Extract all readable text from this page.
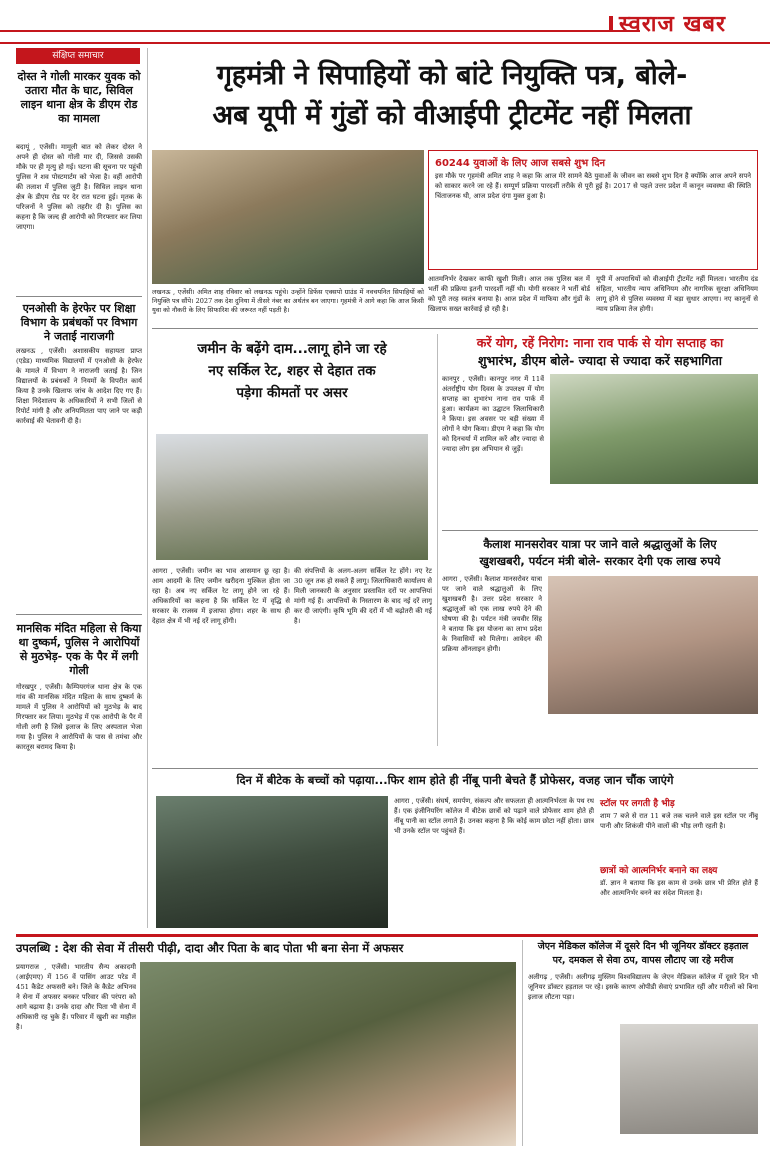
स्वराज खबर
संक्षिप्त समाचार
दोस्त ने गोली मारकर युवक को उतारा मौत के घाट, सिविल लाइन थाना क्षेत्र के डीएम रोड का मामला
बदायूं , एजेंसी। मामूली बात को लेकर दोस्त ने अपने ही दोस्त को गोली मार दी, जिससे उसकी मौके पर ही मृत्यु हो गई। घटना की सूचना पर पहुंची पुलिस ने शव पोस्टमार्टम को भेजा है। वहीं आरोपी की तलाश में पुलिस जुटी है। सिविल लाइन थाना क्षेत्र के डीएम रोड पर देर रात घटना हुई। मृतक के परिजनों ने पुलिस को तहरीर दी है। पुलिस का कहना है कि जल्द ही आरोपी को गिरफ्तार कर लिया जाएगा।
एनओसी के हेरफेर पर शिक्षा विभाग के प्रबंधकों पर विभाग ने जताई नाराजगी
लखनऊ , एजेंसी। अशासकीय सहायता प्राप्त (एडेड) माध्यमिक विद्यालयों में एनओसी के हेरफेर के मामले में विभाग ने नाराजगी जताई है। जिन विद्यालयों के प्रबंधकों ने नियमों के विपरीत कार्य किया है उनके खिलाफ जांच के आदेश दिए गए हैं। शिक्षा निदेशालय के अधिकारियों ने सभी जिलों से रिपोर्ट मांगी है और अनियमितता पाए जाने पर कड़ी कार्रवाई की चेतावनी दी है।
मानसिक मंदित महिला से किया था दुष्कर्म, पुलिस ने आरोपियों से मुठभेड़- एक के पैर में लगी गोली
गोरखपुर , एजेंसी। कैम्पियरगंज थाना क्षेत्र के एक गांव की मानसिक मंदित महिला के साथ दुष्कर्म के मामले में पुलिस ने आरोपियों को मुठभेड़ के बाद गिरफ्तार कर लिया। मुठभेड़ में एक आरोपी के पैर में गोली लगी है जिसे इलाज के लिए अस्पताल भेजा गया है। पुलिस ने आरोपियों के पास से तमंचा और कारतूस बरामद किया है।
गृहमंत्री ने सिपाहियों को बांटे नियुक्ति पत्र, बोले-
अब यूपी में गुंडों को वीआईपी ट्रीटमेंट नहीं मिलता
लखनऊ , एजेंसी। अमित शाह रविवार को लखनऊ पहुंचे। उन्होंने डिफेंस एक्सपो ग्राउंड में नवचयनित सिपाहियों को नियुक्ति पत्र सौंपे। 2027 तक देश दुनिया में तीसरे नंबर का अर्थतंत्र बन जाएगा। गृहमंत्री ने आगे कहा कि आज किसी युवा को नौकरी के लिए सिफारिश की जरूरत नहीं पड़ती है।
60244 युवाओं के लिए आज सबसे शुभ दिन
इस मौके पर गृहमंत्री अमित शाह ने कहा कि आज मेरे सामने बैठे युवाओं के जीवन का सबसे शुभ दिन है क्योंकि आज अपने सपने को साकार करने जा रहे हैं। सम्पूर्ण प्रक्रिया पारदर्शी तरीके से पूरी हुई है। 2017 से पहले उत्तर प्रदेश में कानून व्यवस्था की स्थिति चिंताजनक थी, आज प्रदेश दंगा मुक्त हुआ है।
आतमनिर्भर देखकर काफी खुशी मिली। आज तक पुलिस बल में भर्ती की प्रक्रिया इतनी पारदर्शी नहीं थी। योगी सरकार ने भर्ती बोर्ड को पूरी तरह स्वतंत्र बनाया है। आज प्रदेश में माफिया और गुंडों के खिलाफ सख्त कार्रवाई हो रही है।
यूपी में अपराधियों को वीआईपी ट्रीटमेंट नहीं मिलता। भारतीय दंड संहिता, भारतीय न्याय अधिनियम और नागरिक सुरक्षा अधिनियम लागू होने से पुलिस व्यवस्था में बड़ा सुधार आएगा। नए कानूनों से न्याय प्रक्रिया तेज होगी।
जमीन के बढ़ेंगे दाम...लागू होने जा रहे
नए सर्किल रेट, शहर से देहात तक
पड़ेगा कीमतों पर असर
आगरा , एजेंसी। जमीन का भाव आसमान छू रहा है। आम आदमी के लिए जमीन खरीदना मुश्किल होता जा रहा है। अब नए सर्किल रेट लागू होने जा रहे हैं। अधिकारियों का कहना है कि सर्किल रेट में वृद्धि से सरकार के राजस्व में इजाफा होगा। शहर के साथ ही देहात क्षेत्र में भी नई दरें लागू होंगी।
की संपत्तियों के अलग-अलग सर्किल रेट होंगे। नए रेट 30 जून तक हो सकते हैं लागू। जिलाधिकारी कार्यालय से मिली जानकारी के अनुसार प्रस्तावित दरों पर आपत्तियां मांगी गई हैं। आपत्तियों के निस्तारण के बाद नई दरें लागू कर दी जाएंगी। कृषि भूमि की दरों में भी बढ़ोतरी की गई है।
करें योग, रहें निरोग: नाना राव पार्क से योग सप्ताह का
शुभारंभ, डीएम बोले- ज्यादा से ज्यादा करें सहभागिता
कानपुर , एजेंसी। कानपुर नगर में 11वें अंतर्राष्ट्रीय योग दिवस के उपलक्ष्य में योग सप्ताह का शुभारंभ नाना राव पार्क में हुआ। कार्यक्रम का उद्घाटन जिलाधिकारी ने किया। इस अवसर पर बड़ी संख्या में लोगों ने योग किया। डीएम ने कहा कि योग को दिनचर्या में शामिल करें और ज्यादा से ज्यादा लोग इस अभियान से जुड़ें।
कैलाश मानसरोवर यात्रा पर जाने वाले श्रद्धालुओं के लिए
खुशखबरी, पर्यटन मंत्री बोले- सरकार देगी एक लाख रुपये
आगरा , एजेंसी। कैलाश मानसरोवर यात्रा पर जाने वाले श्रद्धालुओं के लिए खुशखबरी है। उत्तर प्रदेश सरकार ने श्रद्धालुओं को एक लाख रुपये देने की घोषणा की है। पर्यटन मंत्री जयवीर सिंह ने बताया कि इस योजना का लाभ प्रदेश के निवासियों को मिलेगा। आवेदन की प्रक्रिया ऑनलाइन होगी।
दिन में बीटेक के बच्चों को पढ़ाया...फिर शाम होते ही नींबू पानी बेचते हैं प्रोफेसर, वजह जान चौंक जाएंगे
आगरा , एजेंसी। संघर्ष, समर्पण, संकल्प और सफलता ही आत्मनिर्भरता के पथ रथ हैं। एक इंजीनियरिंग कॉलेज में बीटेक छात्रों को पढ़ाने वाले प्रोफेसर शाम होते ही नींबू पानी का स्टॉल लगाते हैं। उनका कहना है कि कोई काम छोटा नहीं होता। छात्र भी उनके स्टॉल पर पहुंचते हैं।
स्टॉल पर लगती है भीड़
शाम 7 बजे से रात 11 बजे तक चलने वाले इस स्टॉल पर नींबू पानी और शिकंजी पीने वालों की भीड़ लगी रहती है।
छात्रों को आत्मनिर्भर बनाने का लक्ष्य
डॉ. ज्ञान ने बताया कि इस काम से उनके छात्र भी प्रेरित होते हैं और आत्मनिर्भर बनने का संदेश मिलता है।
उपलब्धि : देश की सेवा में तीसरी पीढ़ी, दादा और पिता के बाद पोता भी बना सेना में अफसर
प्रयागराज , एजेंसी। भारतीय सैन्य अकादमी (आईएमए) में 156 वें पासिंग आउट परेड में 451 कैडेट अफसरी बने। जिले के कैडेट अभिनव ने सेना में अफसर बनकर परिवार की परंपरा को आगे बढ़ाया है। उनके दादा और पिता भी सेना में अधिकारी रह चुके हैं। परिवार में खुशी का माहौल है।
जेएन मेडिकल कॉलेज में दूसरे दिन भी जूनियर डॉक्टर हड़ताल
पर, दमकल से सेवा ठप, वापस लौटाए जा रहे मरीज
अलीगढ़ , एजेंसी। अलीगढ़ मुस्लिम विश्वविद्यालय के जेएन मेडिकल कॉलेज में दूसरे दिन भी जूनियर डॉक्टर हड़ताल पर रहे। इसके कारण ओपीडी सेवाएं प्रभावित रहीं और मरीजों को बिना इलाज लौटना पड़ा।
